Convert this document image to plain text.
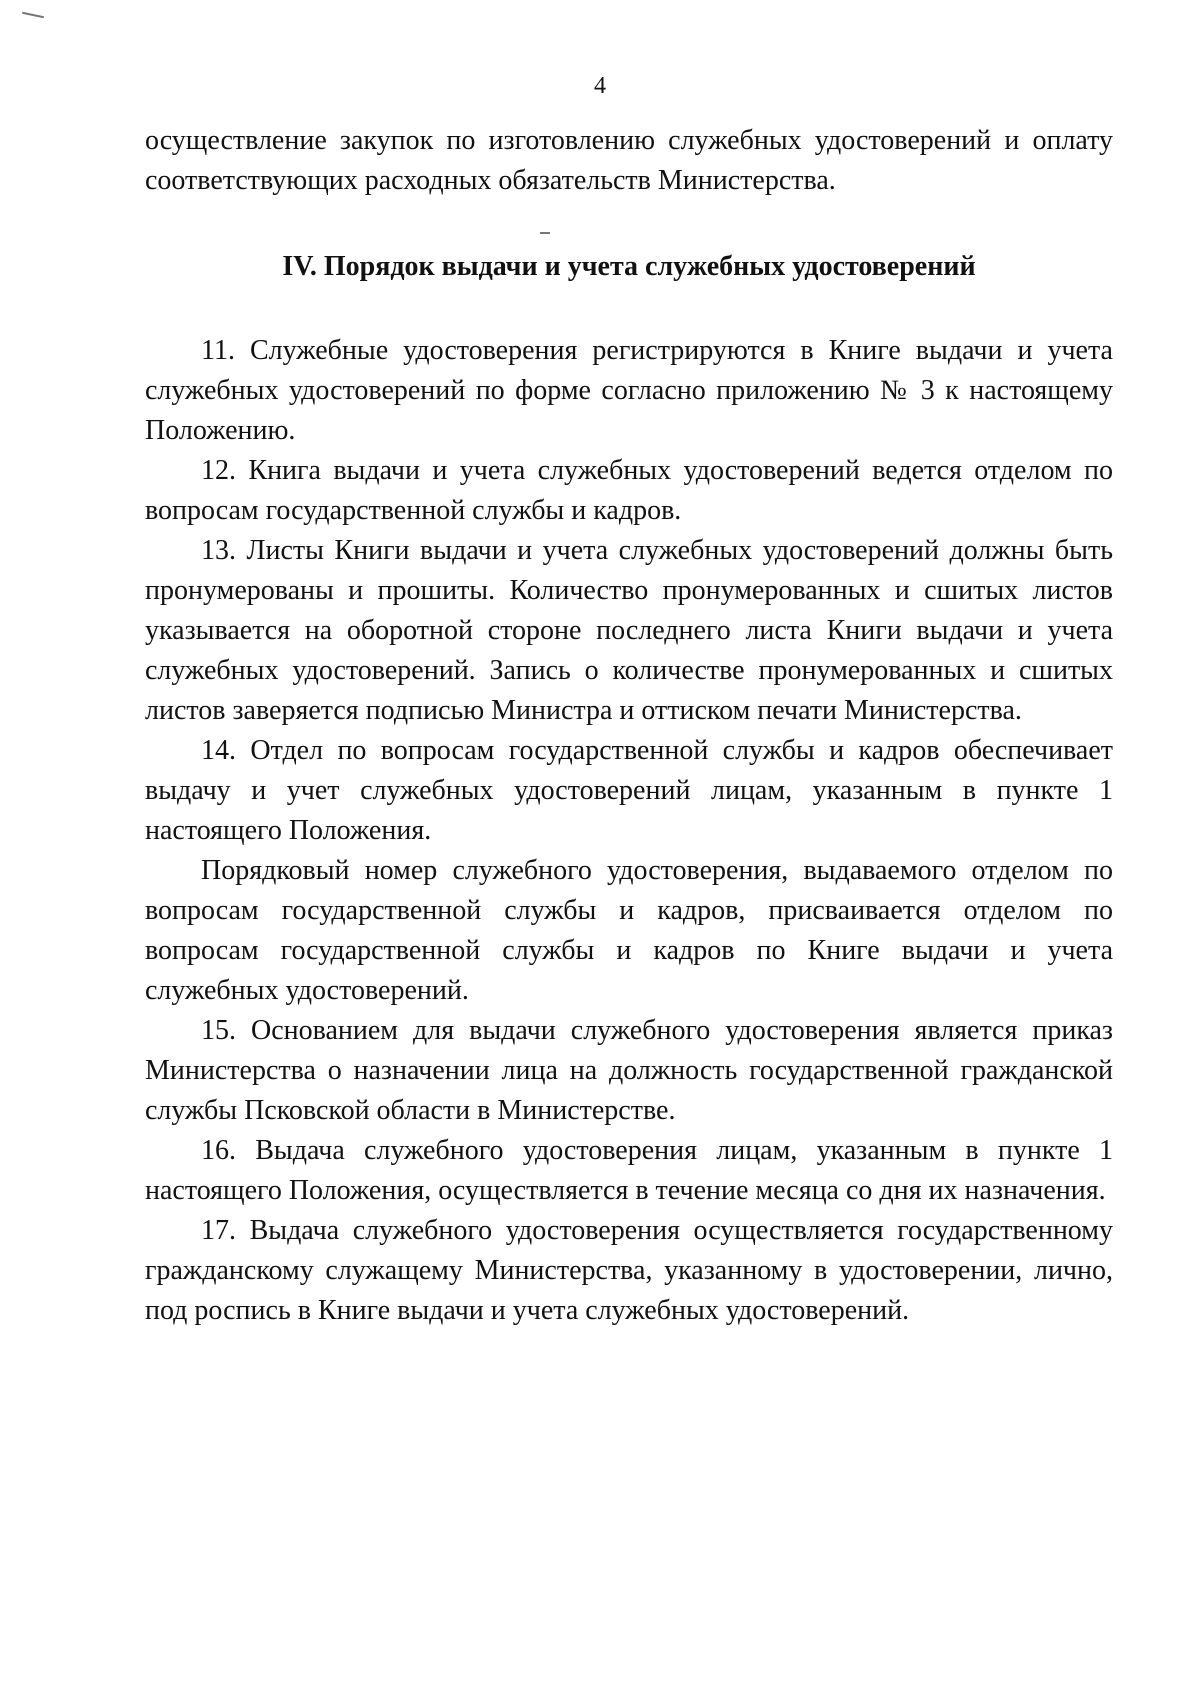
4

осуществление закупок по изготовлению служебных удостоверений и оплату соответствующих расходных обязательств Министерства.

IV. Порядок выдачи и учета служебных удостоверений

11. Служебные удостоверения регистрируются в Книге выдачи и учета служебных удостоверений по форме согласно приложению № 3 к настоящему Положению.

12. Книга выдачи и учета служебных удостоверений ведется отделом по вопросам государственной службы и кадров.

13. Листы Книги выдачи и учета служебных удостоверений должны быть пронумерованы и прошиты. Количество пронумерованных и сшитых листов указывается на оборотной стороне последнего листа Книги выдачи и учета служебных удостоверений. Запись о количестве пронумерованных и сшитых листов заверяется подписью Министра и оттиском печати Министерства.

14. Отдел по вопросам государственной службы и кадров обеспечивает выдачу и учет служебных удостоверений лицам, указанным в пункте 1 настоящего Положения.

Порядковый номер служебного удостоверения, выдаваемого отделом по вопросам государственной службы и кадров, присваивается отделом по вопросам государственной службы и кадров по Книге выдачи и учета служебных удостоверений.

15. Основанием для выдачи служебного удостоверения является приказ Министерства о назначении лица на должность государственной гражданской службы Псковской области в Министерстве.

16. Выдача служебного удостоверения лицам, указанным в пункте 1 настоящего Положения, осуществляется в течение месяца со дня их назначения.

17. Выдача служебного удостоверения осуществляется государственному гражданскому служащему Министерства, указанному в удостоверении, лично, под роспись в Книге выдачи и учета служебных удостоверений.
